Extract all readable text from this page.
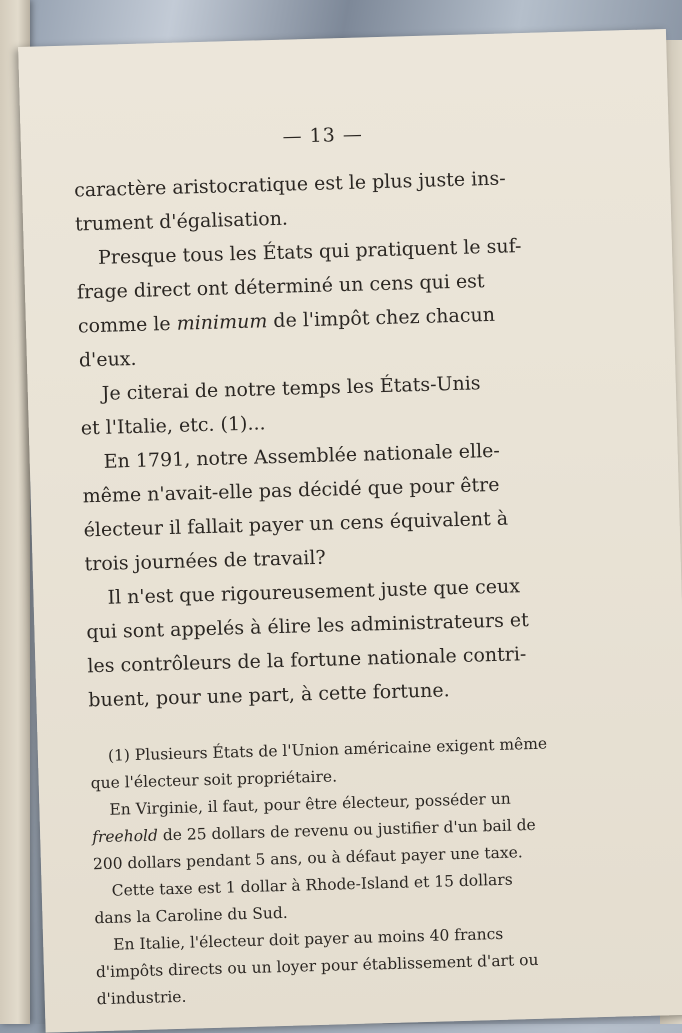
— 13 —

caractère aristocratique est le plus juste ins-
trument d'égalisation.

Presque tous les États qui pratiquent le suf-
frage direct ont déterminé un cens qui est
comme le minimum de l'impôt chez chacun
d'eux.

Je citerai de notre temps les États-Unis
et l'Italie, etc. (1)...

En 1791, notre Assemblée nationale elle-
même n'avait-elle pas décidé que pour être
électeur il fallait payer un cens équivalent à
trois journées de travail?

Il n'est que rigoureusement juste que ceux
qui sont appelés à élire les administrateurs et
les contrôleurs de la fortune nationale contri-
buent, pour une part, à cette fortune.

(1) Plusieurs États de l'Union américaine exigent même
que l'électeur soit propriétaire.

En Virginie, il faut, pour être électeur, posséder un
freehold de 25 dollars de revenu ou justifier d'un bail de
200 dollars pendant 5 ans, ou à défaut payer une taxe.

Cette taxe est 1 dollar à Rhode-Island et 15 dollars
dans la Caroline du Sud.

En Italie, l'électeur doit payer au moins 40 francs
d'impôts directs ou un loyer pour établissement d'art ou
d'industrie.
